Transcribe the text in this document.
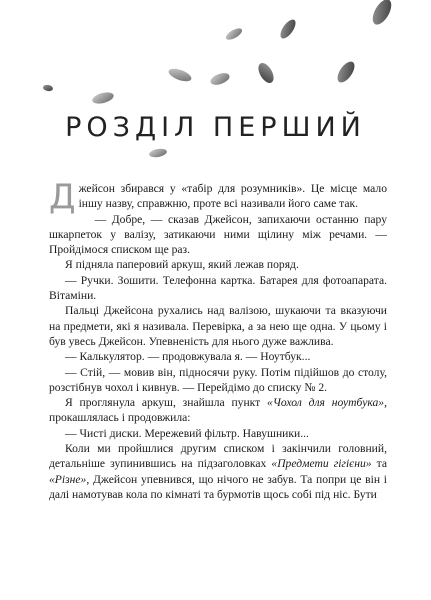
РОЗДІЛ ПЕРШИЙ

Джейсон збирався у «табір для розумників». Це місце мало іншу назву, справжню, проте всі називали його саме так.

— Добре, — сказав Джейсон, запихаючи останню пару шкарпеток у валізу, затикаючи ними щілину між речами. — Пройдімося списком ще раз.

Я підняла паперовий аркуш, який лежав поряд.

— Ручки. Зошити. Телефонна картка. Батарея для фотоапарата. Вітаміни.

Пальці Джейсона рухались над валізою, шукаючи та вказуючи на предмети, які я називала. Перевірка, а за нею ще одна. У цьому і був увесь Джейсон. Упевненість для нього дуже важлива.

— Калькулятор. — продовжувала я. — Ноутбук...

— Стій, — мовив він, підносячи руку. Потім підійшов до столу, розстібнув чохол і кивнув. — Перейдімо до списку № 2.

Я проглянула аркуш, знайшла пункт «Чохол для ноутбука», прокашлялась і продовжила:

— Чисті диски. Мережевий фільтр. Навушники...

Коли ми пройшлися другим списком і закінчили головний, детальніше зупинившись на підзаголовках «Предмети гігієни» та «Різне», Джейсон упевнився, що нічого не забув. Та попри це він і далі намотував кола по кімнаті та бурмотів щось собі під ніс. Бути
